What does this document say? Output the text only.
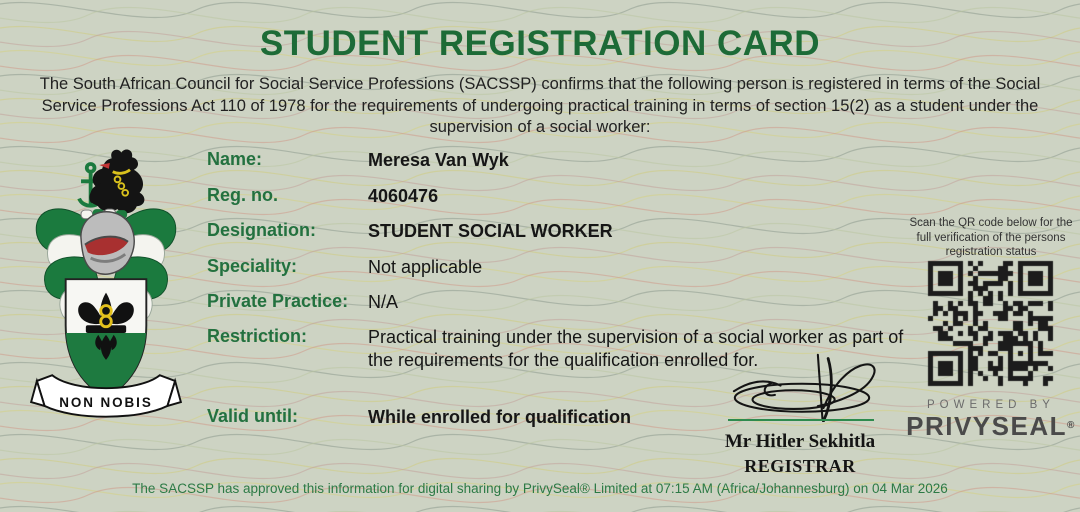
STUDENT REGISTRATION CARD
The South African Council for Social Service Professions (SACSSP) confirms that the following person is registered in terms of the Social Service Professions Act 110 of 1978 for the requirements of undergoing practical training in terms of section 15(2) as a student under the supervision of a social worker:
NON NOBIS
Name:	Meresa Van Wyk
Reg. no.	4060476
Designation:	STUDENT SOCIAL WORKER
Speciality:	Not applicable
Private Practice:	N/A
Restriction:	Practical training under the supervision of a social worker as part of the requirements for the qualification enrolled for.
Valid until:	While enrolled for qualification
Scan the QR code below for the full verification of the persons registration status
POWERED BY
PRIVYSEAL®
Mr Hitler Sekhitla
REGISTRAR
The SACSSP has approved this information for digital sharing by PrivySeal® Limited at 07:15 AM (Africa/Johannesburg) on 04 Mar 2026
